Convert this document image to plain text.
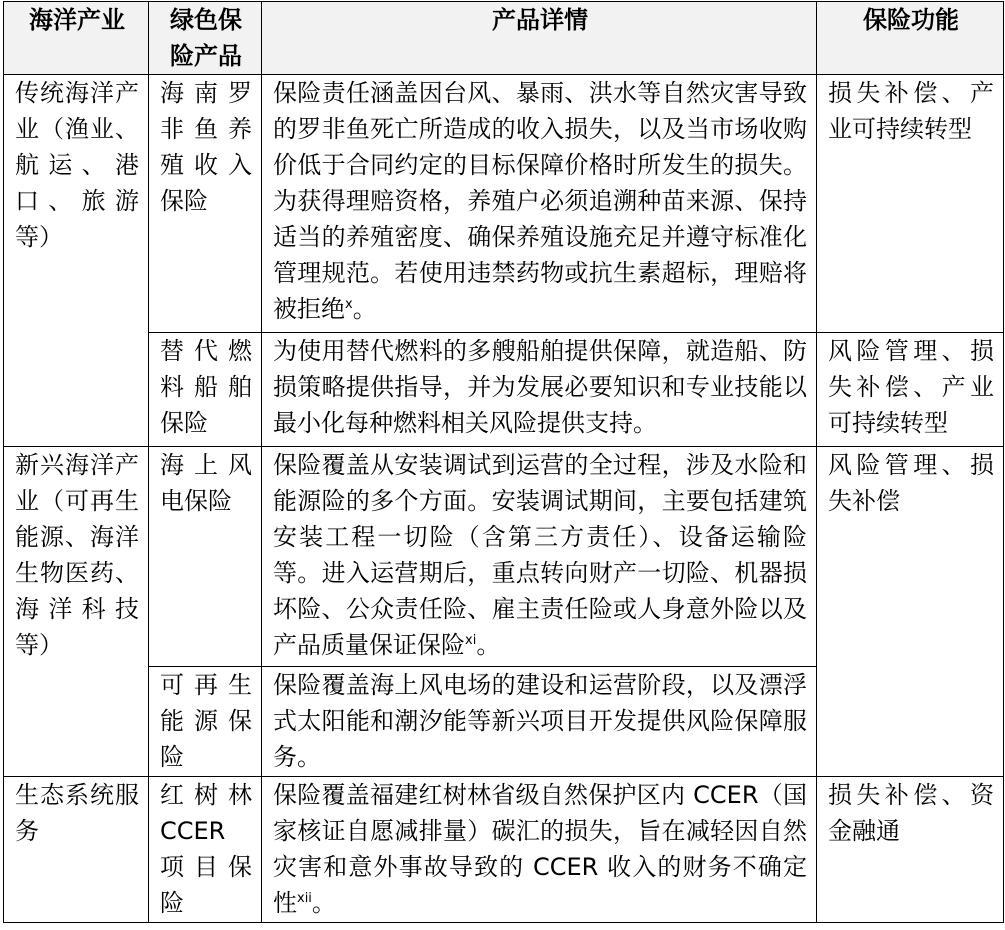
海洋产业	绿色保险产品	产品详情	保险功能
传统海洋产业（渔业、航运、港口、旅游等）	海南罗非鱼养殖收入保险	保险责任涵盖因台风、暴雨、洪水等自然灾害导致的罗非鱼死亡所造成的收入损失，以及当市场收购价低于合同约定的目标保障价格时所发生的损失。为获得理赔资格，养殖户必须追溯种苗来源、保持适当的养殖密度、确保养殖设施充足并遵守标准化管理规范。若使用违禁药物或抗生素超标，理赔将被拒绝$^x$。	损失补偿、产业可持续转型
	替代燃料船舶保险	为使用替代燃料的多艘船舶提供保障，就造船、防损策略提供指导，并为发展必要知识和专业技能以最小化每种燃料相关风险提供支持。	风险管理、损失补偿、产业可持续转型
新兴海洋产业（可再生能源、海洋生物医药、海洋科技等）	海上风电保险	保险覆盖从安装调试到运营的全过程，涉及水险和能源险的多个方面。安装调试期间，主要包括建筑安装工程一切险（含第三方责任）、设备运输险等。进入运营期后，重点转向财产一切险、机器损坏险、公众责任险、雇主责任险或人身意外险以及产品质量保证保险$^{xi}$。	风险管理、损失补偿
	可再生能源保险	保险覆盖海上风电场的建设和运营阶段，以及漂浮式太阳能和潮汐能等新兴项目开发提供风险保障服务。	
生态系统服务	红树林 CCER 项目保险	保险覆盖福建红树林省级自然保护区内 CCER（国家核证自愿减排量）碳汇的损失，旨在减轻因自然灾害和意外事故导致的 CCER 收入的财务不确定性$^{xii}$。	损失补偿、资金融通
